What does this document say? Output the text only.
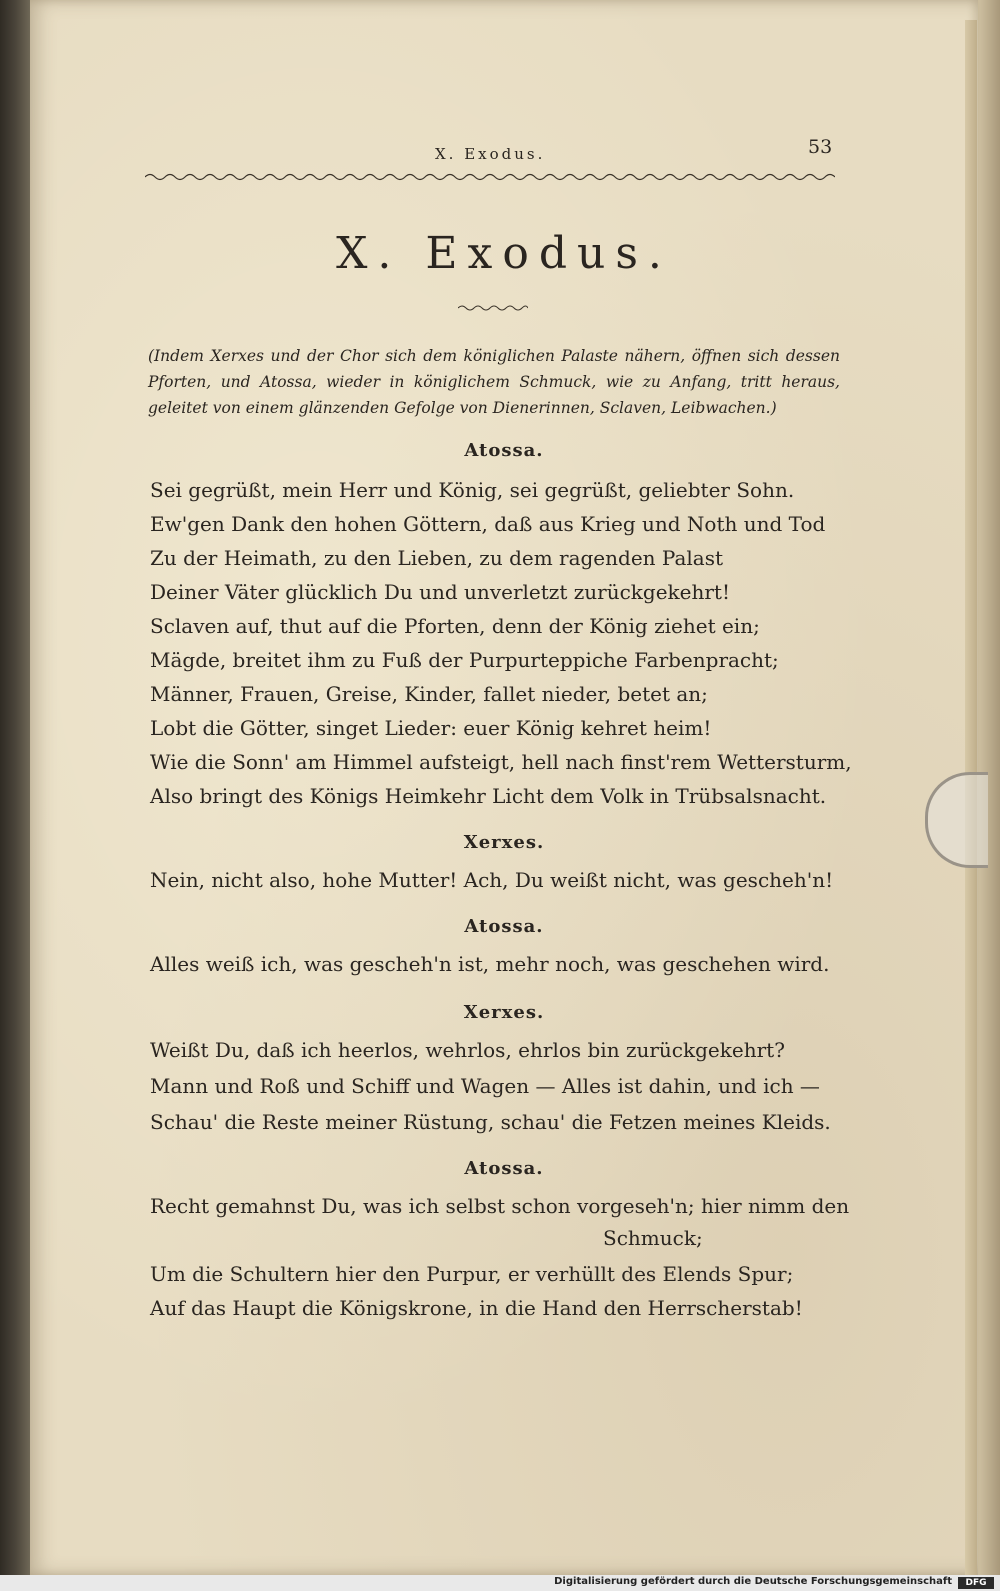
X. Exodus.	53
X. Exodus.
(Indem Xerxes und der Chor sich dem königlichen Palaste nähern, öffnen sich dessen Pforten, und Atossa, wieder in königlichem Schmuck, wie zu Anfang, tritt heraus, geleitet von einem glänzenden Gefolge von Dienerinnen, Sclaven, Leibwachen.)
Atossa.
Sei gegrüßt, mein Herr und König, sei gegrüßt, geliebter Sohn.
Ew'gen Dank den hohen Göttern, daß aus Krieg und Noth und Tod
Zu der Heimath, zu den Lieben, zu dem ragenden Palast
Deiner Väter glücklich Du und unverletzt zurückgekehrt!
Sclaven auf, thut auf die Pforten, denn der König ziehet ein;
Mägde, breitet ihm zu Fuß der Purpurteppiche Farbenpracht;
Männer, Frauen, Greise, Kinder, fallet nieder, betet an;
Lobt die Götter, singet Lieder: euer König kehret heim!
Wie die Sonn' am Himmel aufsteigt, hell nach finst'rem Wettersturm,
Also bringt des Königs Heimkehr Licht dem Volk in Trübsalsnacht.
Xerxes.
Nein, nicht also, hohe Mutter! Ach, Du weißt nicht, was gescheh'n!
Atossa.
Alles weiß ich, was gescheh'n ist, mehr noch, was geschehen wird.
Xerxes.
Weißt Du, daß ich heerlos, wehrlos, ehrlos bin zurückgekehrt?
Mann und Roß und Schiff und Wagen — Alles ist dahin, und ich —
Schau' die Reste meiner Rüstung, schau' die Fetzen meines Kleids.
Atossa.
Recht gemahnst Du, was ich selbst schon vorgeseh'n; hier nimm den
Schmuck;
Um die Schultern hier den Purpur, er verhüllt des Elends Spur;
Auf das Haupt die Königskrone, in die Hand den Herrscherstab!
Digitalisierung gefördert durch die Deutsche Forschungsgemeinschaft	DFG
